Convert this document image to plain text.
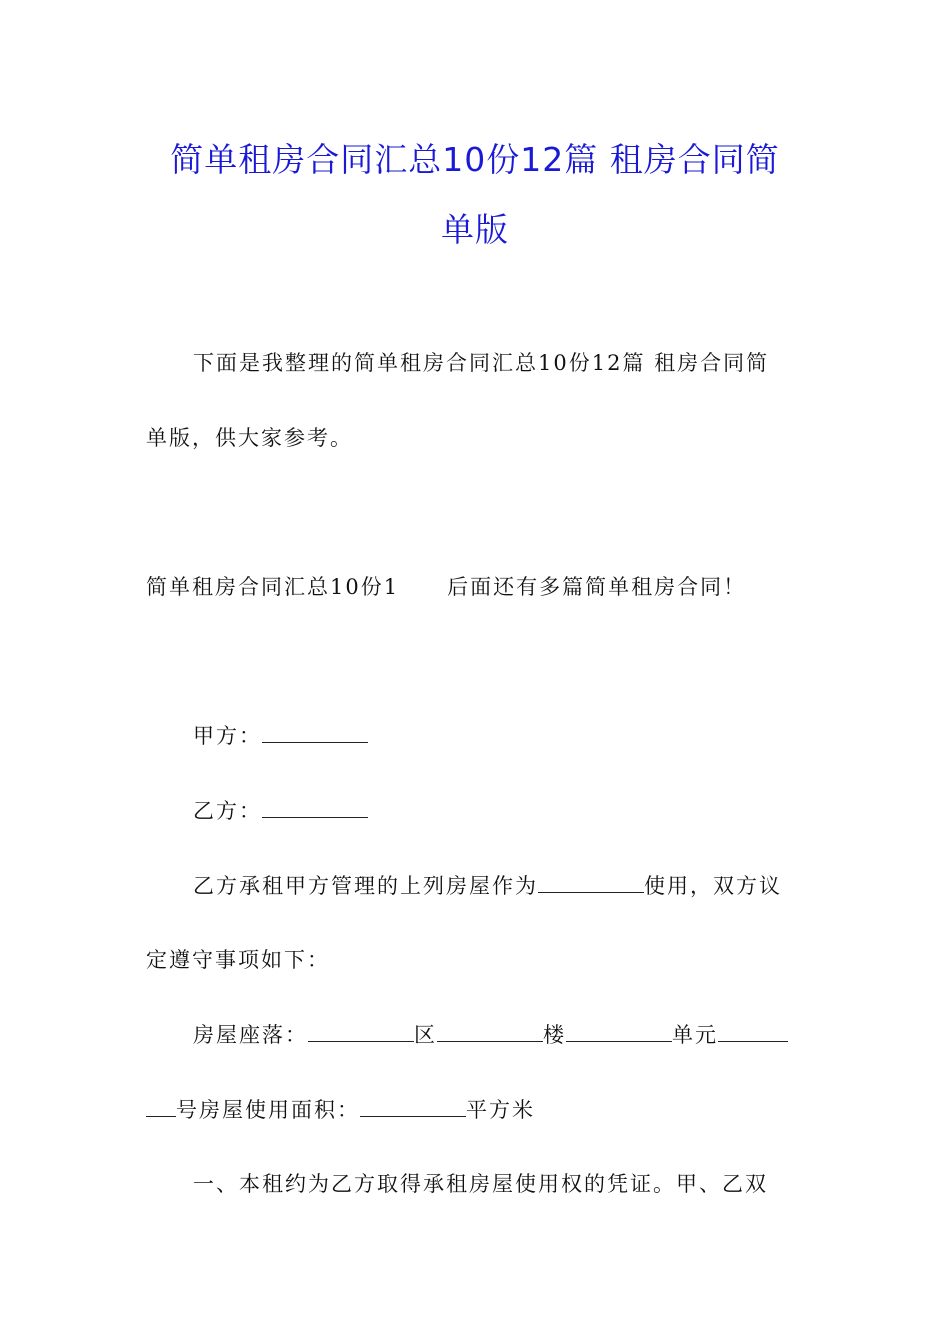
简单租房合同汇总10份12篇 租房合同简
单版
下面是我整理的简单租房合同汇总10份12篇 租房合同简
单版，供大家参考。
简单租房合同汇总10份1 后面还有多篇简单租房合同！
甲方：
乙方：
乙方承租甲方管理的上列房屋作为	使用，双方议
定遵守事项如下：
房屋座落：	区	楼	单元
号房屋使用面积：	平方米
一、本租约为乙方取得承租房屋使用权的凭证。甲、乙双
